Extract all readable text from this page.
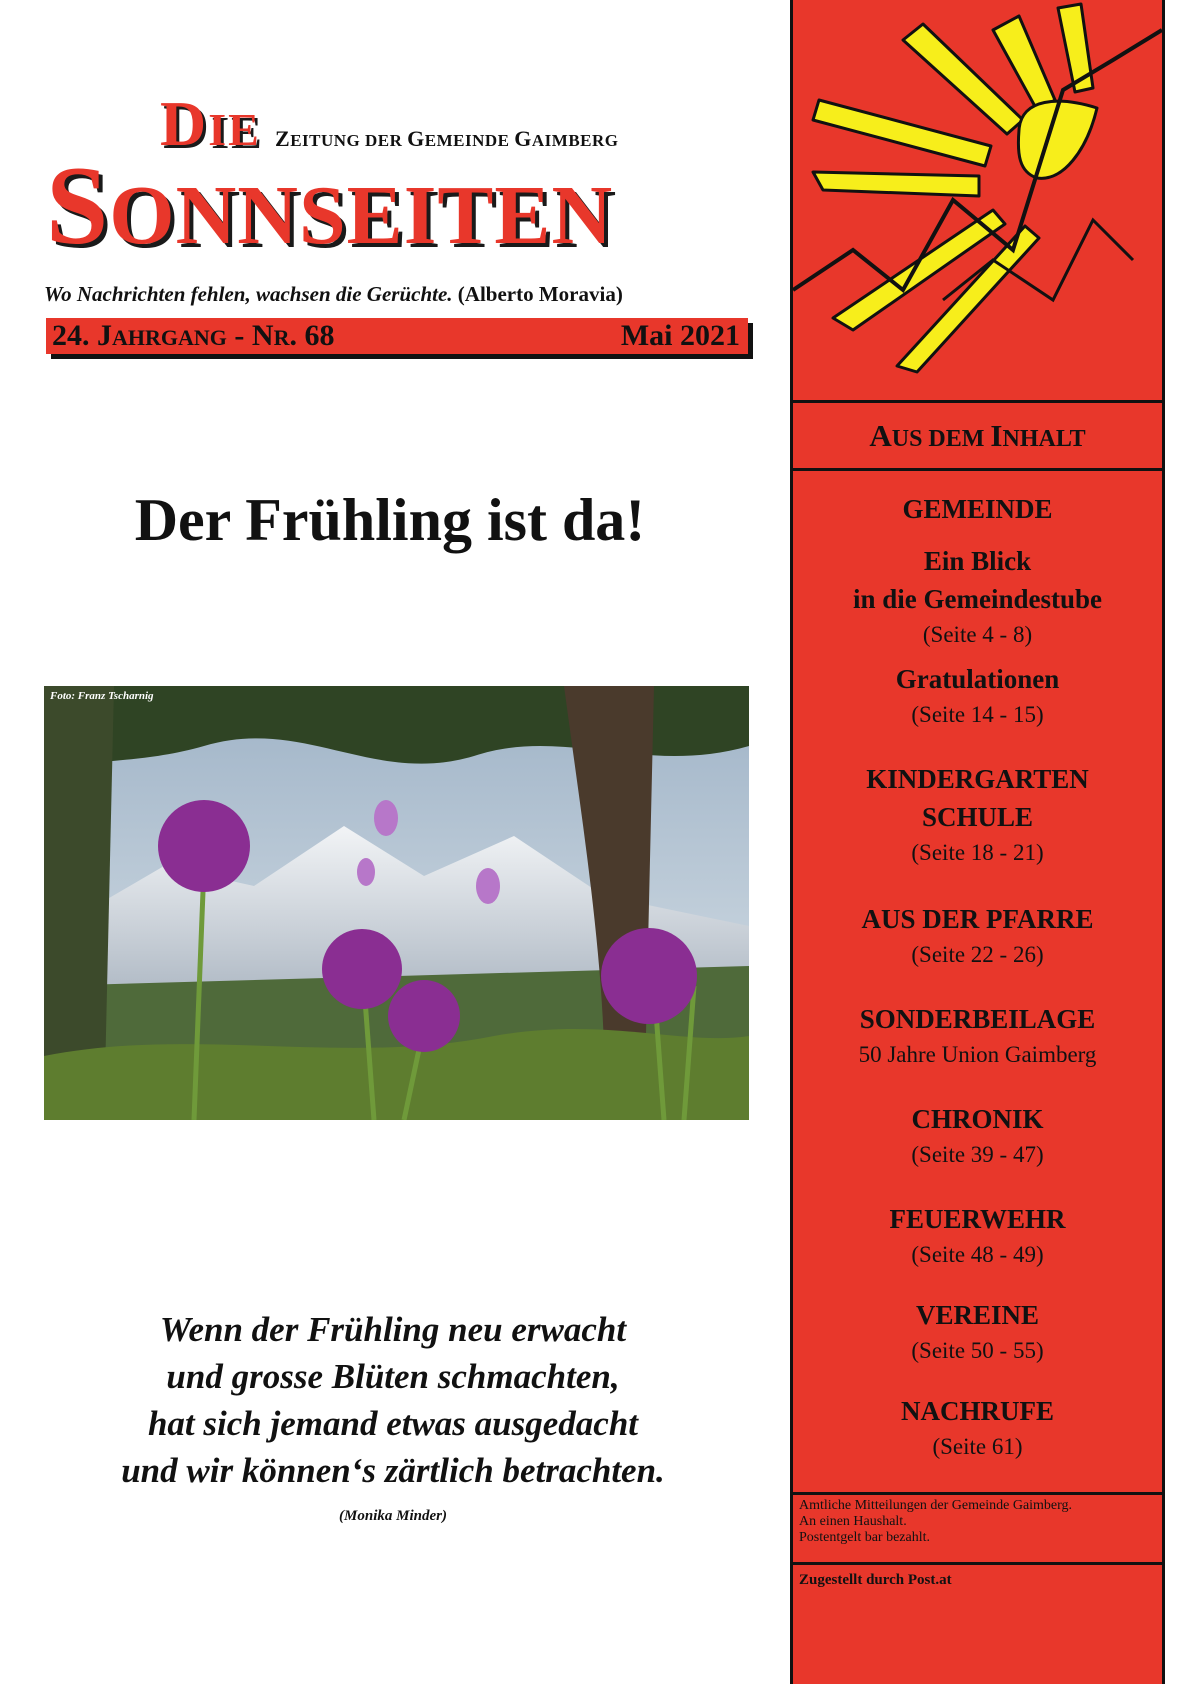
DIE ZEITUNG DER GEMEINDE GAIMBERG
SONNSEITEN
Wo Nachrichten fehlen, wachsen die Gerüchte. (Alberto Moravia)
24. JAHRGANG - NR. 68	Mai 2021
Der Frühling ist da!
Foto: Franz Tscharnig
Wenn der Frühling neu erwacht
und grosse Blüten schmachten,
hat sich jemand etwas ausgedacht
und wir können‘s zärtlich betrachten.
(Monika Minder)
AUS DEM INHALT
GEMEINDE
Ein Blick
in die Gemeindestube
(Seite 4 - 8)
Gratulationen
(Seite 14 - 15)
KINDERGARTEN
SCHULE
(Seite 18 - 21)
AUS DER PFARRE
(Seite 22 - 26)
SONDERBEILAGE
50 Jahre Union Gaimberg
CHRONIK
(Seite 39 - 47)
FEUERWEHR
(Seite 48 - 49)
VEREINE
(Seite 50 - 55)
NACHRUFE
(Seite 61)
Amtliche Mitteilungen der Gemeinde Gaimberg.
An einen Haushalt.
Postentgelt bar bezahlt.
Zugestellt durch Post.at
